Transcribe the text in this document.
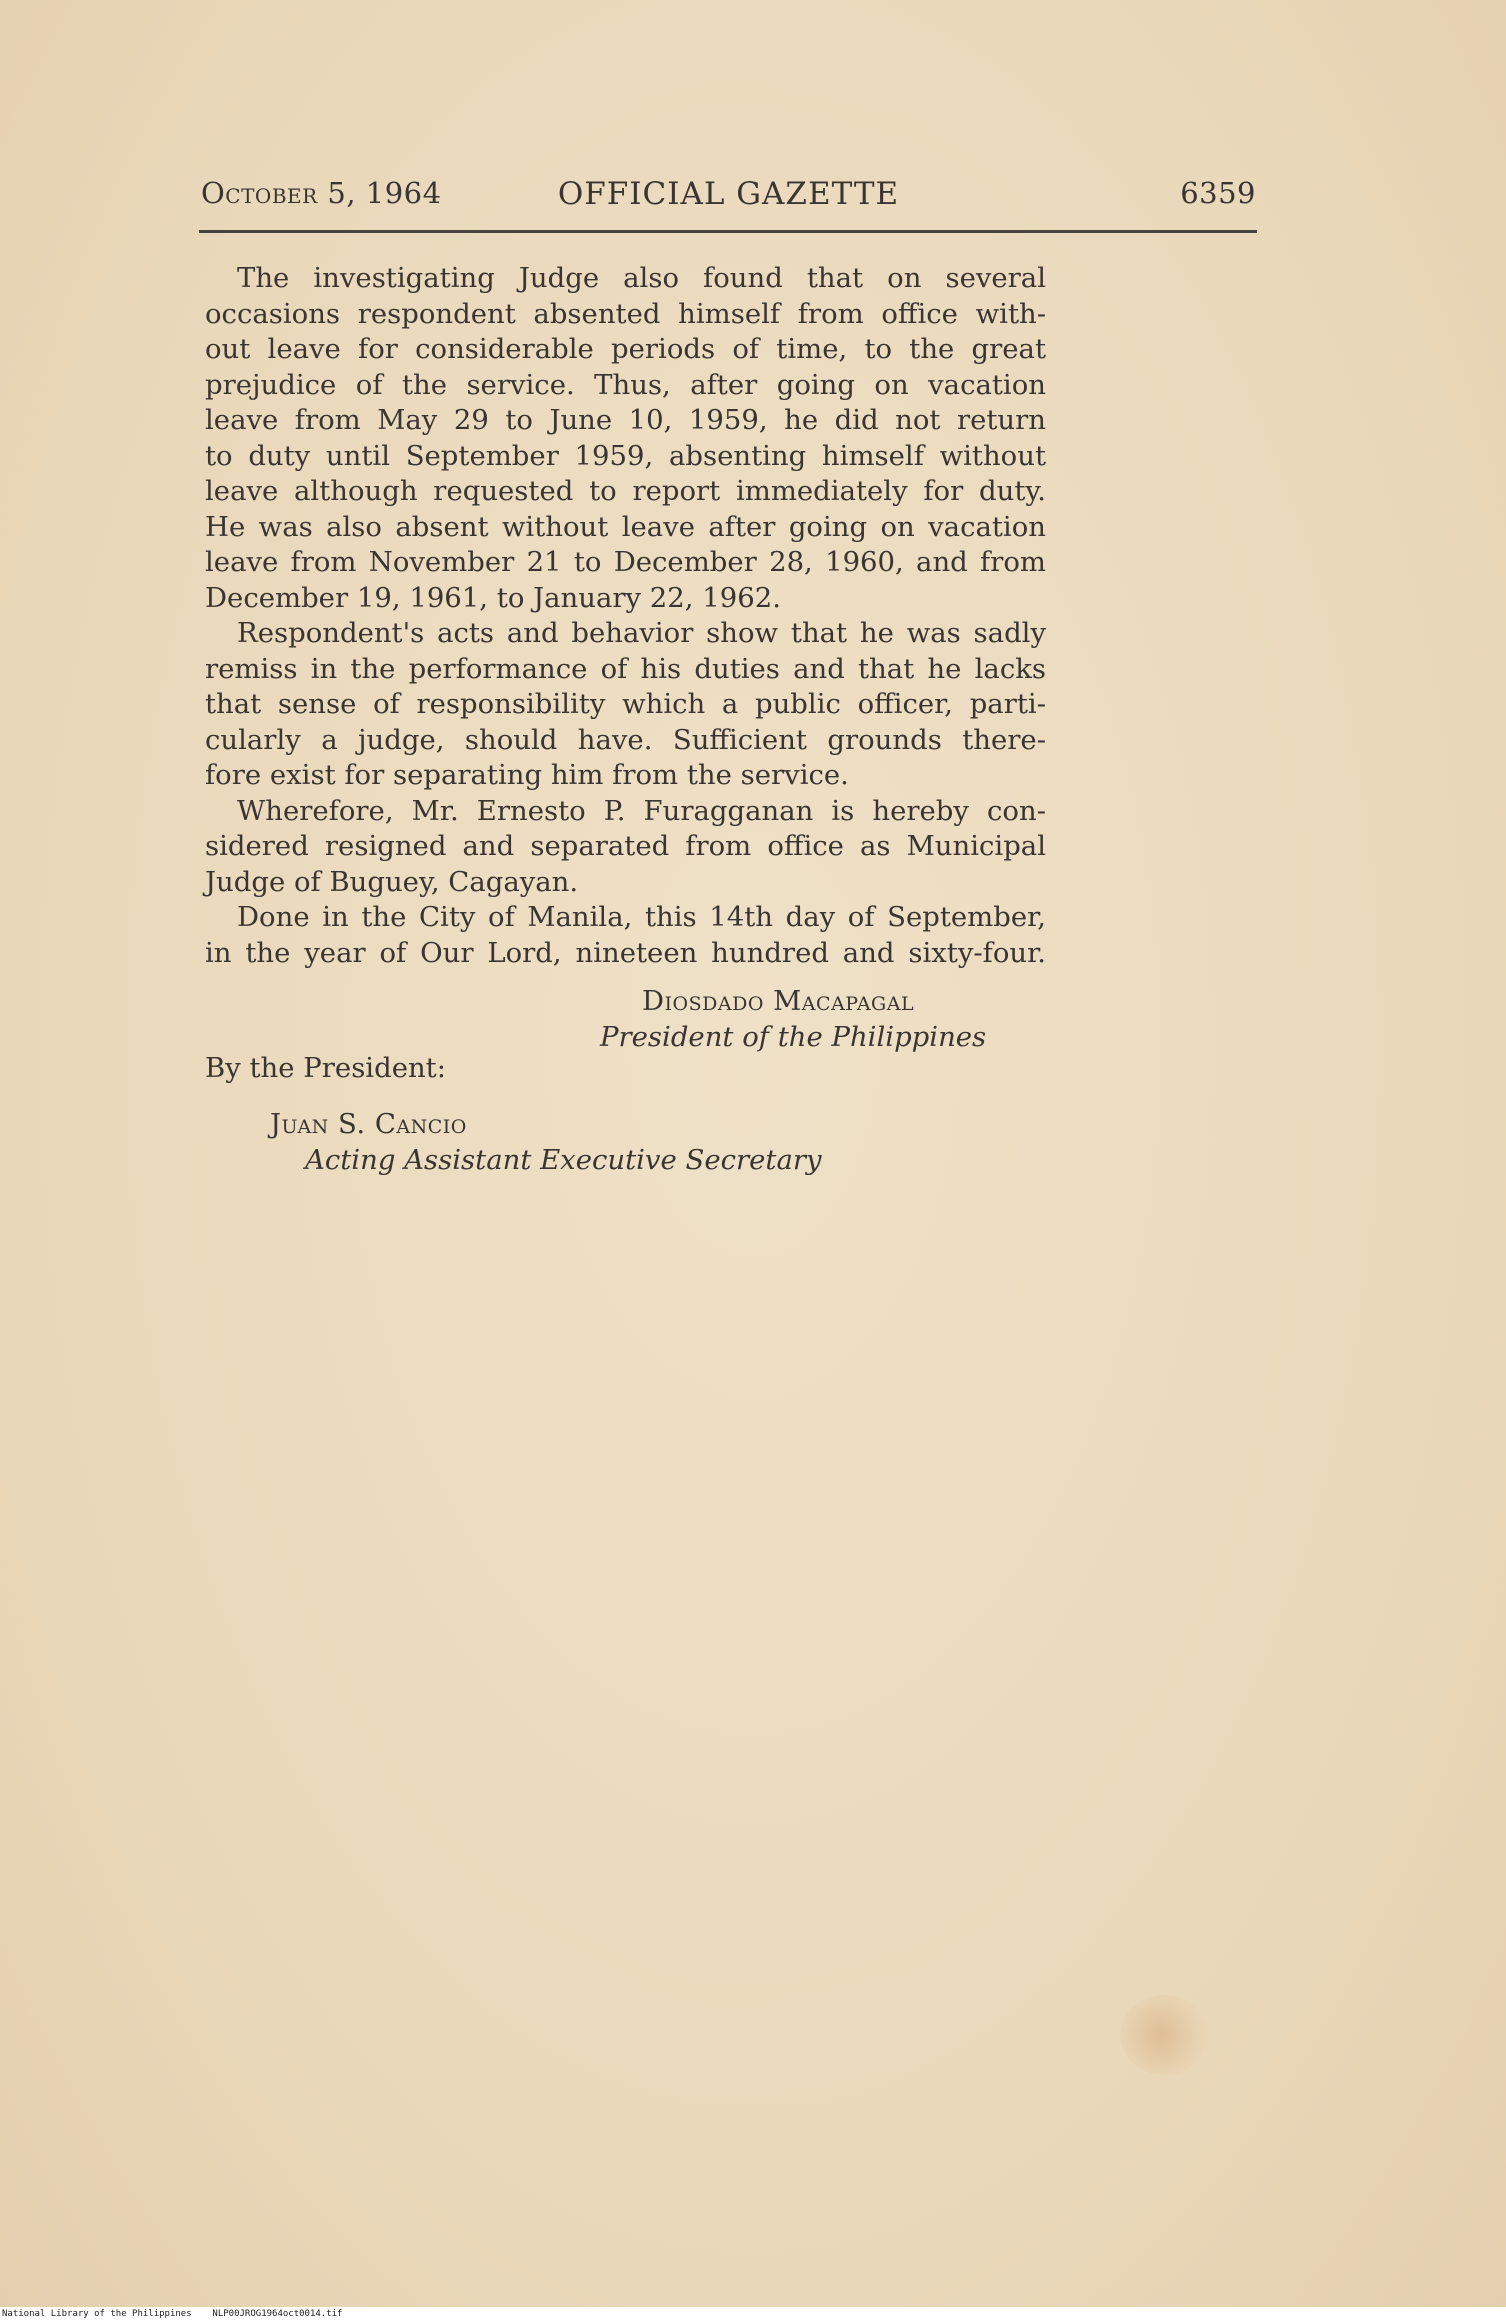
October 5, 1964	OFFICIAL GAZETTE	6359
The investigating Judge also found that on several
occasions respondent absented himself from office with-
out leave for considerable periods of time, to the great
prejudice of the service. Thus, after going on vacation
leave from May 29 to June 10, 1959, he did not return
to duty until September 1959, absenting himself without
leave although requested to report immediately for duty.
He was also absent without leave after going on vacation
leave from November 21 to December 28, 1960, and from
December 19, 1961, to January 22, 1962.
Respondent's acts and behavior show that he was sadly
remiss in the performance of his duties and that he lacks
that sense of responsibility which a public officer, parti-
cularly a judge, should have. Sufficient grounds there-
fore exist for separating him from the service.
Wherefore, Mr. Ernesto P. Furagganan is hereby con-
sidered resigned and separated from office as Municipal
Judge of Buguey, Cagayan.
Done in the City of Manila, this 14th day of September,
in the year of Our Lord, nineteen hundred and sixty-four.
Diosdado Macapagal
President of the Philippines
By the President:
Juan S. Cancio
Acting Assistant Executive Secretary
National Library of the Philippines NLP00JROG1964oct0014.tif
